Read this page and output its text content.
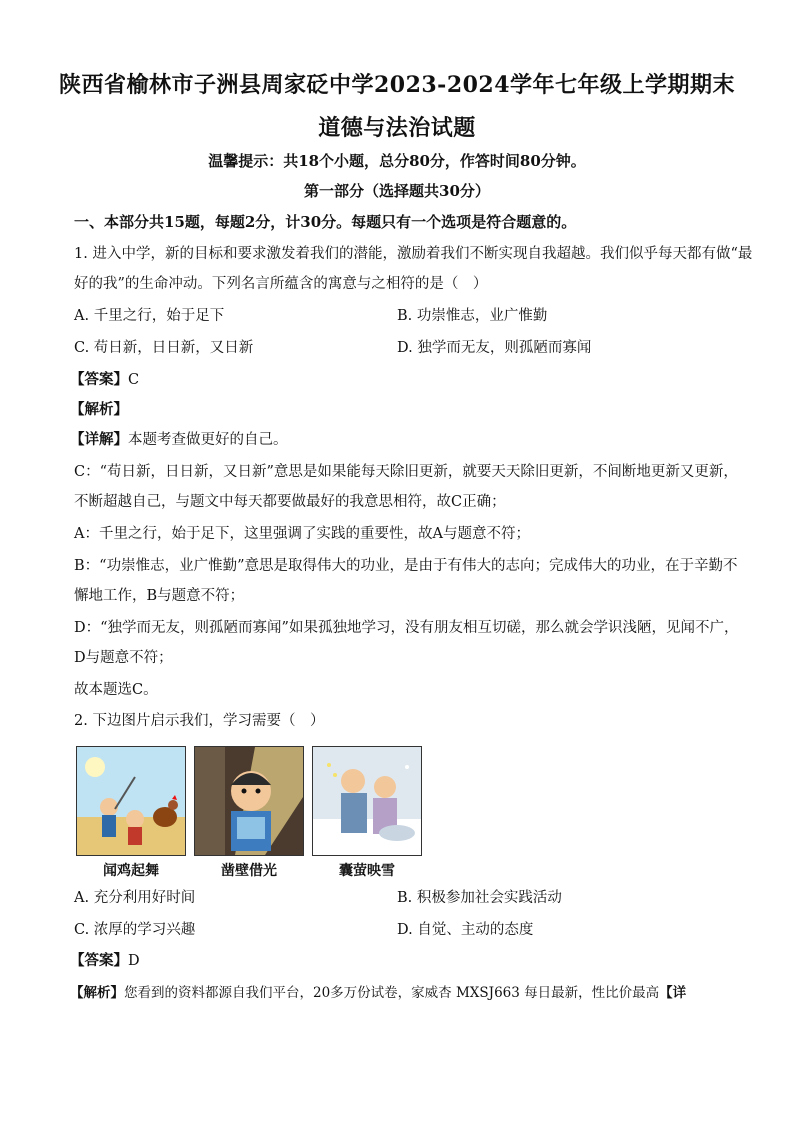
陕西省榆林市子洲县周家砭中学2023-2024学年七年级上学期期末
道德与法治试题
温馨提示：共18个小题，总分80分，作答时间80分钟。
第一部分（选择题共30分）
一、本部分共15题，每题2分，计30分。每题只有一个选项是符合题意的。
1. 进入中学，新的目标和要求激发着我们的潜能，激励着我们不断实现自我超越。我们似乎每天都有做“最
好的我”的生命冲动。下列名言所蕴含的寓意与之相符的是（　）
A. 千里之行，始于足下	B. 功崇惟志，业广惟勤
C. 苟日新，日日新，又日新	D. 独学而无友，则孤陋而寡闻
【答案】C
【解析】
【详解】本题考查做更好的自己。
C：“苟日新，日日新，又日新”意思是如果能每天除旧更新，就要天天除旧更新，不间断地更新又更新，
不断超越自己，与题文中每天都要做最好的我意思相符，故C正确；
A：千里之行，始于足下，这里强调了实践的重要性，故A与题意不符；
B：“功崇惟志，业广惟勤”意思是取得伟大的功业，是由于有伟大的志向；完成伟大的功业，在于辛勤不
懈地工作，B与题意不符；
D：“独学而无友，则孤陋而寡闻”如果孤独地学习，没有朋友相互切磋，那么就会学识浅陋，见闻不广，
D与题意不符；
故本题选C。
2. 下边图片启示我们，学习需要（　）
闻鸡起舞	凿壁借光	囊萤映雪
A. 充分利用好时间	B. 积极参加社会实践活动
C. 浓厚的学习兴趣	D. 自觉、主动的态度
【答案】D
【解析】您看到的资料都源自我们平台，20多万份试卷，家威杏 MXSJ663 每日最新，性比价最高【详
